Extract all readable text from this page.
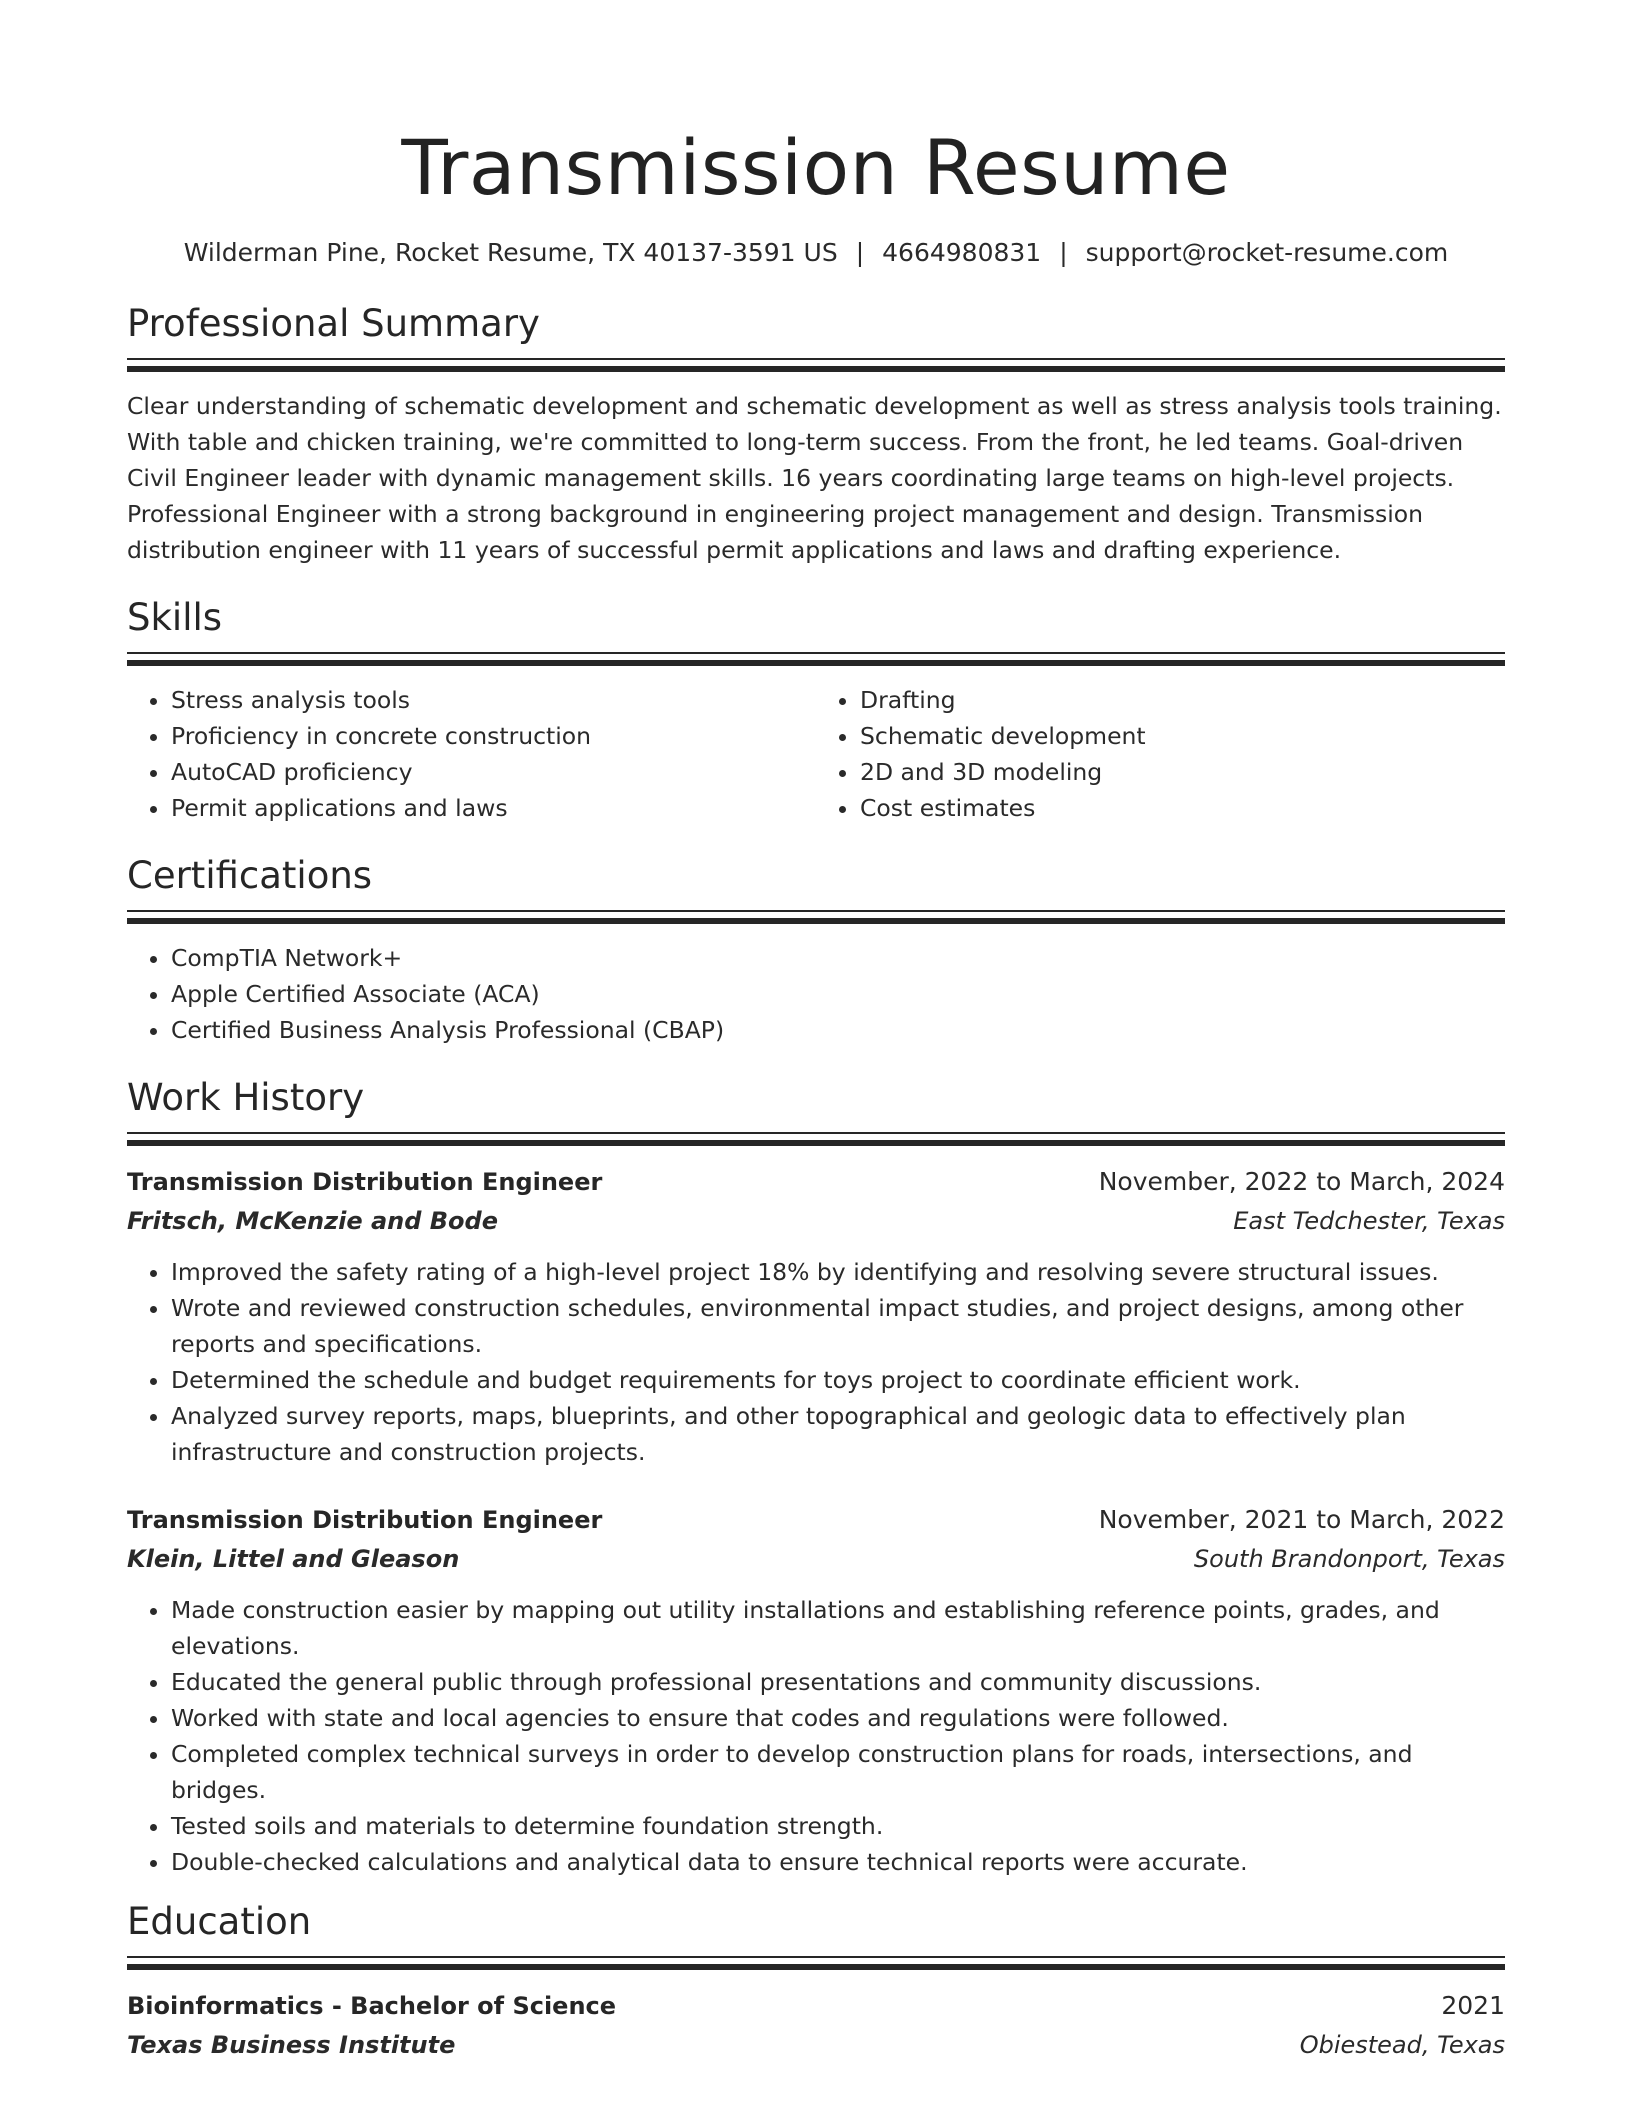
Transmission Resume
Wilderman Pine, Rocket Resume, TX 40137-3591 US | 4664980831 | support@rocket-resume.com
Professional Summary

Clear understanding of schematic development and schematic development as well as stress analysis tools training. With table and chicken training, we're committed to long-term success. From the front, he led teams. Goal-driven Civil Engineer leader with dynamic management skills. 16 years coordinating large teams on high-level projects. Professional Engineer with a strong background in engineering project management and design. Transmission distribution engineer with 11 years of successful permit applications and laws and drafting experience.

Skills
• Stress analysis tools
• Proficiency in concrete construction
• AutoCAD proficiency
• Permit applications and laws
• Drafting
• Schematic development
• 2D and 3D modeling
• Cost estimates
Certifications
• CompTIA Network+
• Apple Certified Associate (ACA)
• Certified Business Analysis Professional (CBAP)
Work History
Transmission Distribution Engineer	November, 2022 to March, 2024
Fritsch, McKenzie and Bode	East Tedchester, Texas
• Improved the safety rating of a high-level project 18% by identifying and resolving severe structural issues.
• Wrote and reviewed construction schedules, environmental impact studies, and project designs, among other reports and specifications.
• Determined the schedule and budget requirements for toys project to coordinate efficient work.
• Analyzed survey reports, maps, blueprints, and other topographical and geologic data to effectively plan infrastructure and construction projects.
Transmission Distribution Engineer	November, 2021 to March, 2022
Klein, Littel and Gleason	South Brandonport, Texas
• Made construction easier by mapping out utility installations and establishing reference points, grades, and elevations.
• Educated the general public through professional presentations and community discussions.
• Worked with state and local agencies to ensure that codes and regulations were followed.
• Completed complex technical surveys in order to develop construction plans for roads, intersections, and bridges.
• Tested soils and materials to determine foundation strength.
• Double-checked calculations and analytical data to ensure technical reports were accurate.
Education
Bioinformatics - Bachelor of Science	2021
Texas Business Institute	Obiestead, Texas
